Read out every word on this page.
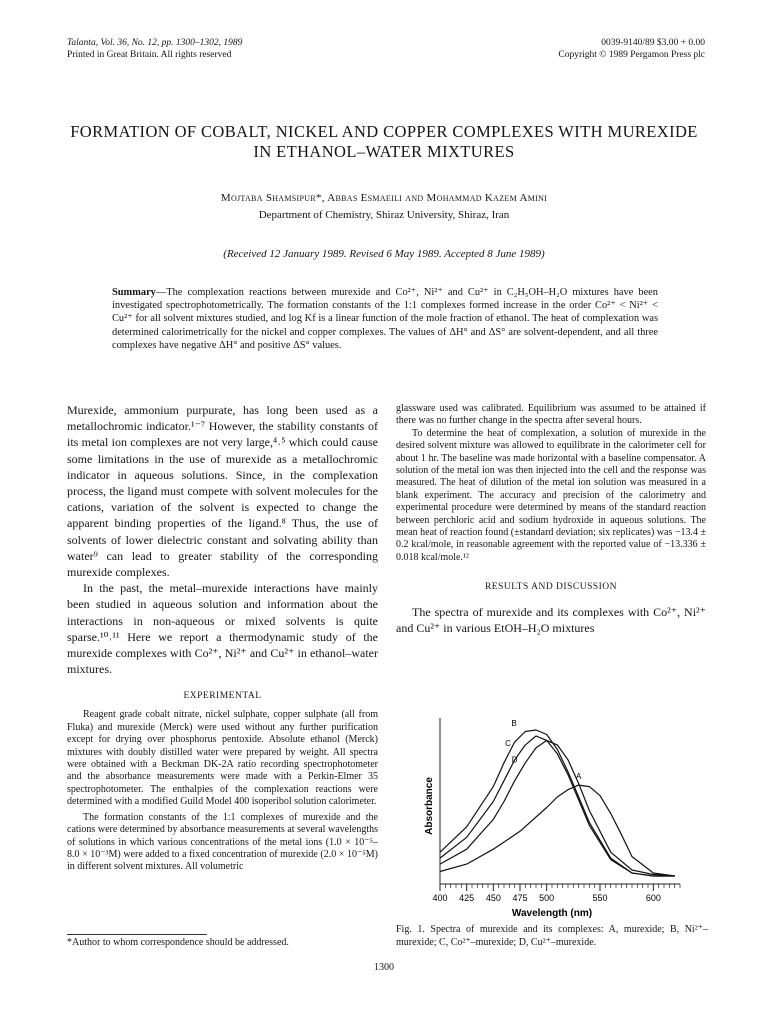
Talanta, Vol. 36, No. 12, pp. 1300–1302, 1989
Printed in Great Britain. All rights reserved
0039-9140/89 $3.00 + 0.00
Copyright © 1989 Pergamon Press plc
FORMATION OF COBALT, NICKEL AND COPPER COMPLEXES WITH MUREXIDE IN ETHANOL–WATER MIXTURES
Mojtaba Shamsipur*, Abbas Esmaeili and Mohammad Kazem Amini
Department of Chemistry, Shiraz University, Shiraz, Iran
(Received 12 January 1989. Revised 6 May 1989. Accepted 8 June 1989)
Summary—The complexation reactions between murexide and Co²⁺, Ni²⁺ and Cu²⁺ in C₂H₅OH–H₂O mixtures have been investigated spectrophotometrically. The formation constants of the 1:1 complexes formed increase in the order Co²⁺ < Ni²⁺ < Cu²⁺ for all solvent mixtures studied, and log Kf is a linear function of the mole fraction of ethanol. The heat of complexation was determined calorimetrically for the nickel and copper complexes. The values of ΔH° and ΔS° are solvent-dependent, and all three complexes have negative ΔH° and positive ΔS° values.

Murexide, ammonium purpurate, has long been used as a metallochromic indicator.¹⁻⁷ However, the stability constants of its metal ion complexes are not very large,⁴˒⁵ which could cause some limitations in the use of murexide as a metallochromic indicator in aqueous solutions. Since, in the complexation process, the ligand must compete with solvent molecules for the cations, variation of the solvent is expected to change the apparent binding properties of the ligand.⁸ Thus, the use of solvents of lower dielectric constant and solvating ability than water⁹ can lead to greater stability of the corresponding murexide complexes.

In the past, the metal–murexide interactions have mainly been studied in aqueous solution and information about the interactions in non-aqueous or mixed solvents is quite sparse.¹⁰˒¹¹ Here we report a thermodynamic study of the murexide complexes with Co²⁺, Ni²⁺ and Cu²⁺ in ethanol–water mixtures.

EXPERIMENTAL

Reagent grade cobalt nitrate, nickel sulphate, copper sulphate (all from Fluka) and murexide (Merck) were used without any further purification except for drying over phosphorus pentoxide. Absolute ethanol (Merck) mixtures with doubly distilled water were prepared by weight. All spectra were obtained with a Beckman DK-2A ratio recording spectrophotometer and the absorbance measurements were made with a Perkin-Elmer 35 spectrophotometer. The enthalpies of the complexation reactions were determined with a modified Guild Model 400 isoperibol solution calorimeter.

The formation constants of the 1:1 complexes of murexide and the cations were determined by absorbance measurements at several wavelengths of solutions in which various concentrations of the metal ions (1.0 × 10⁻⁵–8.0 × 10⁻³M) were added to a fixed concentration of murexide (2.0 × 10⁻⁵M) in different solvent mixtures. All volumetric

*Author to whom correspondence should be addressed.

glassware used was calibrated. Equilibrium was assumed to be attained if there was no further change in the spectra after several hours.

To determine the heat of complexation, a solution of murexide in the desired solvent mixture was allowed to equilibrate in the calorimeter cell for about 1 hr. The baseline was made horizontal with a baseline compensator. A solution of the metal ion was then injected into the cell and the response was measured. The heat of dilution of the metal ion solution was measured in a blank experiment. The accuracy and precision of the calorimetry and experimental procedure were determined by means of the standard reaction between perchloric acid and sodium hydroxide in aqueous solutions. The mean heat of reaction found (±standard deviation; six replicates) was −13.4 ± 0.2 kcal/mole, in reasonable agreement with the reported value of −13.336 ± 0.018 kcal/mole.¹²

RESULTS AND DISCUSSION

The spectra of murexide and its complexes with Co²⁺, Ni²⁺ and Cu²⁺ in various EtOH–H₂O mixtures

A
B
C
D
400 425 450 475 500	550	600
Absorbance
Wavelength (nm)
Fig. 1. Spectra of murexide and its complexes: A, murexide; B, Ni²⁺–murexide; C, Co²⁺–murexide; D, Cu²⁺–murexide.
1300
